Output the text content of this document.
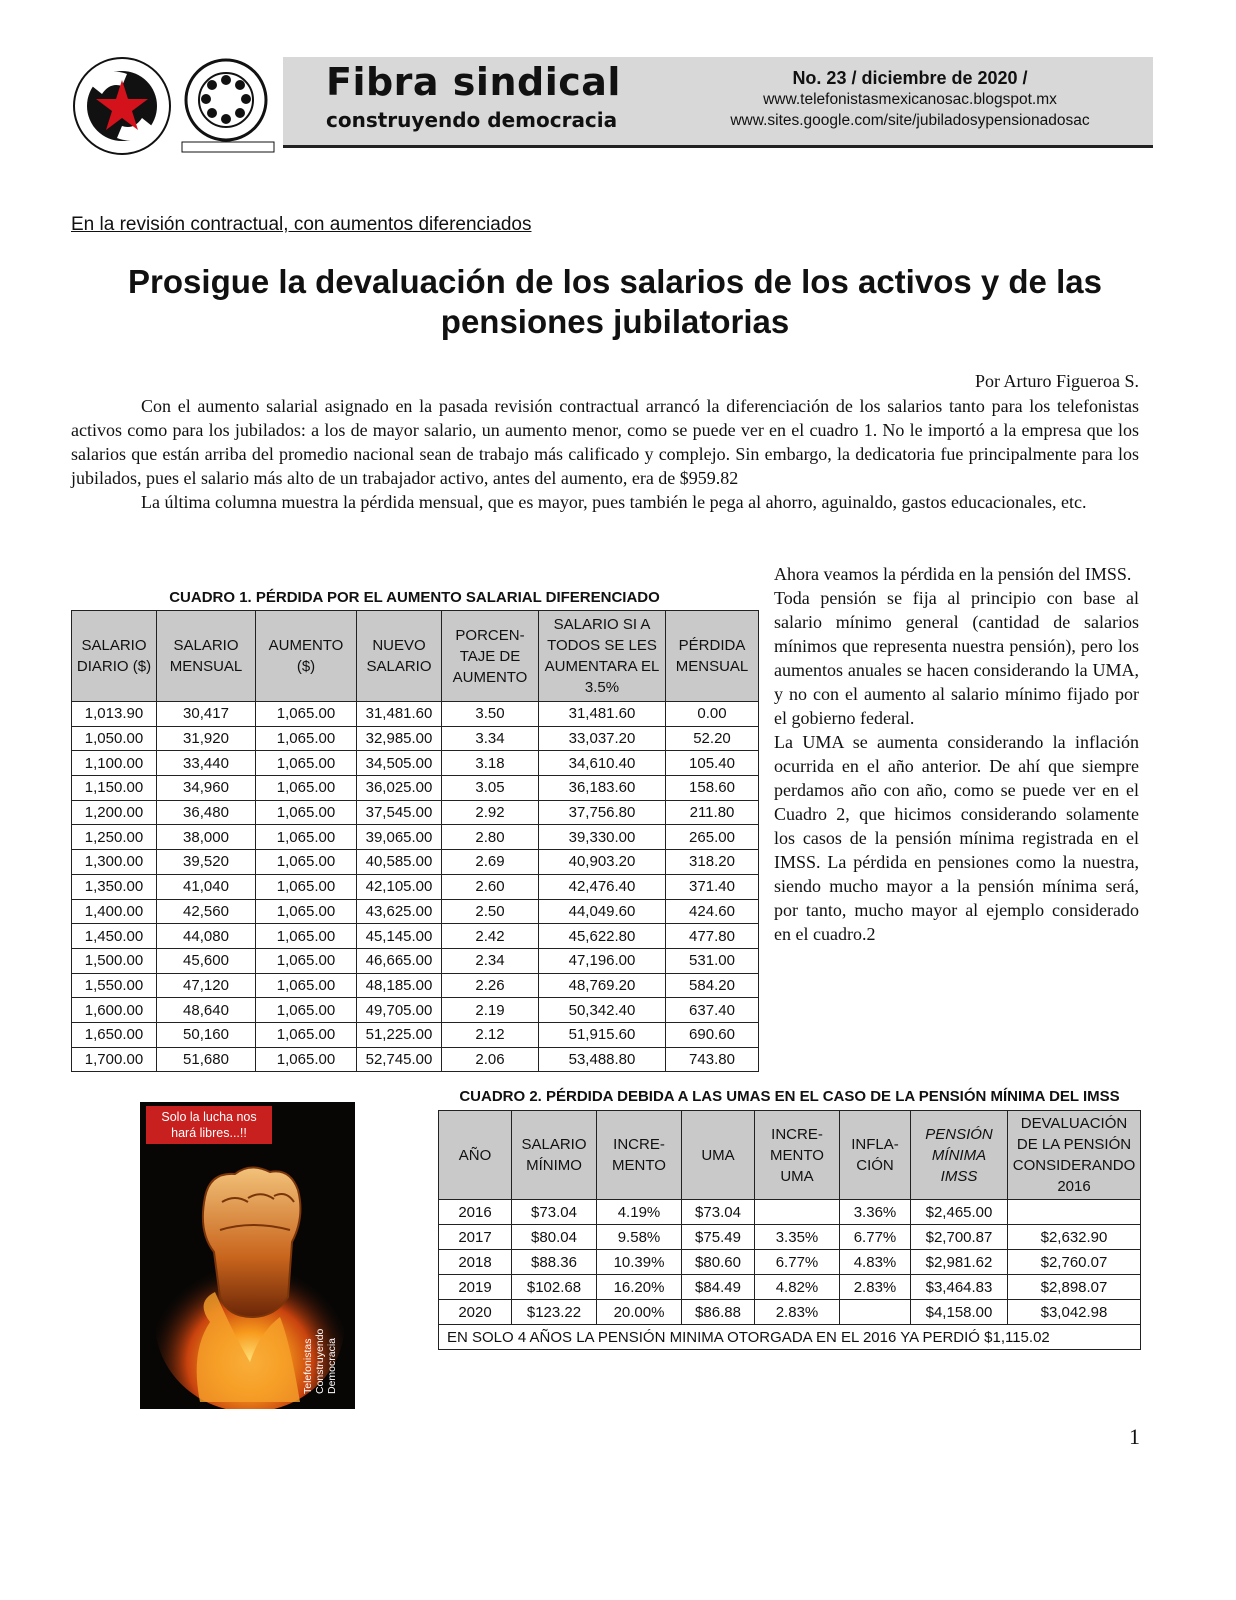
Fibra sindical
construyendo democracia
No. 23 / diciembre de 2020 /
www.telefonistasmexicanosac.blogspot.mx
www.sites.google.com/site/jubiladosypensionadosac
En la revisión contractual, con aumentos diferenciados
Prosigue la devaluación de los salarios de los activos y de las pensiones jubilatorias
Por Arturo Figueroa S.

Con el aumento salarial asignado en la pasada revisión contractual arrancó la diferenciación de los salarios tanto para los telefonistas activos como para los jubilados: a los de mayor salario, un aumento menor, como se puede ver en el cuadro 1. No le importó a la empresa que los salarios que están arriba del promedio nacional sean de trabajo más calificado y complejo. Sin embargo, la dedicatoria fue principalmente para los jubilados, pues el salario más alto de un trabajador activo, antes del aumento, era de $959.82

La última columna muestra la pérdida mensual, que es mayor, pues también le pega al ahorro, aguinaldo, gastos educacionales, etc.

Ahora veamos la pérdida en la pensión del IMSS.

Toda pensión se fija al principio con base al salario mínimo general (cantidad de salarios mínimos que representa nuestra pensión), pero los aumentos anuales se hacen considerando la UMA, y no con el aumento al salario mínimo fijado por el gobierno federal.

La UMA se aumenta considerando la inflación ocurrida en el año anterior. De ahí que siempre perdamos año con año, como se puede ver en el Cuadro 2, que hicimos considerando solamente los casos de la pensión mínima registrada en el IMSS. La pérdida en pensiones como la nuestra, siendo mucho mayor a la pensión mínima será, por tanto, mucho mayor al ejemplo considerado en el cuadro.2

CUADRO 1. PÉRDIDA POR EL AUMENTO SALARIAL DIFERENCIADO
SALARIO DIARIO ($)	SALARIO MENSUAL	AUMENTO ($)	NUEVO SALARIO	PORCEN-TAJE DE AUMENTO	SALARIO SI A TODOS SE LES AUMENTARA EL 3.5%	PÉRDIDA MENSUAL
1,013.90	30,417	1,065.00	31,481.60	3.50	31,481.60	0.00
1,050.00	31,920	1,065.00	32,985.00	3.34	33,037.20	52.20
1,100.00	33,440	1,065.00	34,505.00	3.18	34,610.40	105.40
1,150.00	34,960	1,065.00	36,025.00	3.05	36,183.60	158.60
1,200.00	36,480	1,065.00	37,545.00	2.92	37,756.80	211.80
1,250.00	38,000	1,065.00	39,065.00	2.80	39,330.00	265.00
1,300.00	39,520	1,065.00	40,585.00	2.69	40,903.20	318.20
1,350.00	41,040	1,065.00	42,105.00	2.60	42,476.40	371.40
1,400.00	42,560	1,065.00	43,625.00	2.50	44,049.60	424.60
1,450.00	44,080	1,065.00	45,145.00	2.42	45,622.80	477.80
1,500.00	45,600	1,065.00	46,665.00	2.34	47,196.00	531.00
1,550.00	47,120	1,065.00	48,185.00	2.26	48,769.20	584.20
1,600.00	48,640	1,065.00	49,705.00	2.19	50,342.40	637.40
1,650.00	50,160	1,065.00	51,225.00	2.12	51,915.60	690.60
1,700.00	51,680	1,065.00	52,745.00	2.06	53,488.80	743.80
Solo la lucha nos hará libres...!!
Telefonistas Construyendo Democracia
CUADRO 2. PÉRDIDA DEBIDA A LAS UMAS EN EL CASO DE LA PENSIÓN MÍNIMA DEL IMSS
AÑO	SALARIO MÍNIMO	INCRE-MENTO	UMA	INCRE-MENTO UMA	INFLA-CIÓN	PENSIÓN MÍNIMA IMSS	DEVALUACIÓN DE LA PENSIÓN CONSIDERANDO 2016
2016	$73.04	4.19%	$73.04		3.36%	$2,465.00	
2017	$80.04	9.58%	$75.49	3.35%	6.77%	$2,700.87	$2,632.90
2018	$88.36	10.39%	$80.60	6.77%	4.83%	$2,981.62	$2,760.07
2019	$102.68	16.20%	$84.49	4.82%	2.83%	$3,464.83	$2,898.07
2020	$123.22	20.00%	$86.88	2.83%		$4,158.00	$3,042.98
EN SOLO 4 AÑOS LA PENSIÓN MINIMA OTORGADA EN EL 2016 YA PERDIÓ $1,115.02							
1
